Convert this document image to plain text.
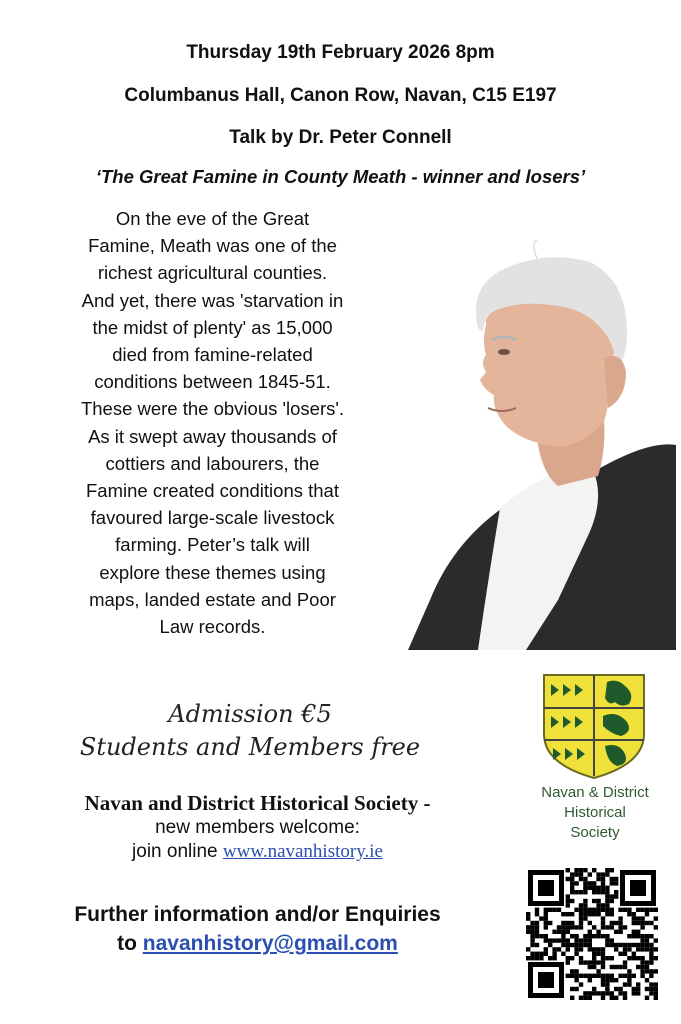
Thursday 19th February 2026 8pm
Columbanus Hall, Canon Row, Navan, C15 E197
Talk by Dr. Peter Connell
‘The Great Famine in County Meath - winner and losers’
On the eve of the Great
Famine, Meath was one of the
richest agricultural counties.
And yet, there was 'starvation in
the midst of plenty' as 15,000
died from famine-related
conditions between 1845-51.
These were the obvious 'losers'.
As it swept away thousands of
cottiers and labourers, the
Famine created conditions that
favoured large-scale livestock
farming. Peter’s talk will
explore these themes using
maps, landed estate and Poor
Law records.
Admission €5
Students and Members free
Navan and District Historical Society -
new members welcome:
join online www.navanhistory.ie
Further information and/or Enquiries
to navanhistory@gmail.com
Navan & District
Historical
Society
